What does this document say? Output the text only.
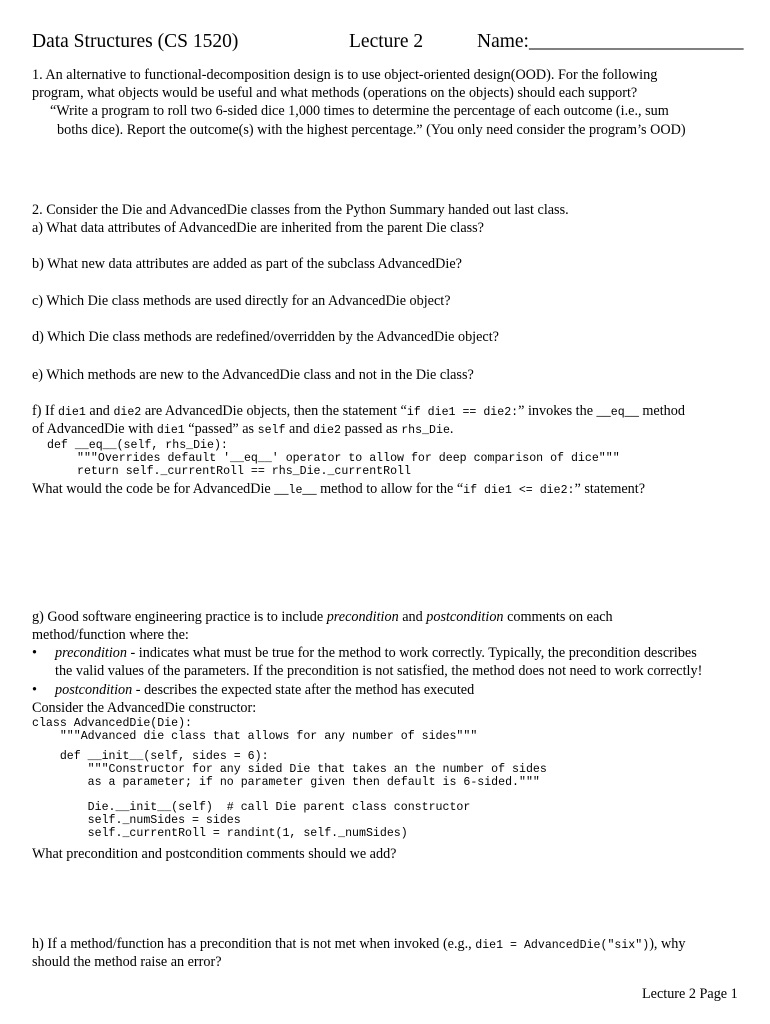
Data Structures (CS 1520)	Lecture 2	Name:______________________
1. An alternative to functional-decomposition design is to use object-oriented design(OOD). For the following
program, what objects would be useful and what methods (operations on the objects) should each support?
“Write a program to roll two 6-sided dice 1,000 times to determine the percentage of each outcome (i.e., sum
boths dice). Report the outcome(s) with the highest percentage.” (You only need consider the program’s OOD)
2. Consider the Die and AdvancedDie classes from the Python Summary handed out last class.
a) What data attributes of AdvancedDie are inherited from the parent Die class?
b) What new data attributes are added as part of the subclass AdvancedDie?
c) Which Die class methods are used directly for an AdvancedDie object?
d) Which Die class methods are redefined/overridden by the AdvancedDie object?
e) Which methods are new to the AdvancedDie class and not in the Die class?
f) If die1 and die2 are AdvancedDie objects, then the statement “if die1 == die2:” invokes the __eq__ method
of AdvancedDie with die1 “passed” as self and die2 passed as rhs_Die.
def __eq__(self, rhs_Die):
"""Overrides default '__eq__' operator to allow for deep comparison of dice"""
return self._currentRoll == rhs_Die._currentRoll
What would the code be for AdvancedDie __le__ method to allow for the “if die1 <= die2:” statement?
g) Good software engineering practice is to include precondition and postcondition comments on each
method/function where the:
• precondition - indicates what must be true for the method to work correctly. Typically, the precondition describes
the valid values of the parameters. If the precondition is not satisfied, the method does not need to work correctly!
• postcondition - describes the expected state after the method has executed
Consider the AdvancedDie constructor:
class AdvancedDie(Die):
"""Advanced die class that allows for any number of sides"""
def __init__(self, sides = 6):
"""Constructor for any sided Die that takes an the number of sides
as a parameter; if no parameter given then default is 6-sided."""
Die.__init__(self)  # call Die parent class constructor
self._numSides = sides
self._currentRoll = randint(1, self._numSides)
What precondition and postcondition comments should we add?
h) If a method/function has a precondition that is not met when invoked (e.g., die1 = AdvancedDie("six")), why
should the method raise an error?
Lecture 2 Page 1
